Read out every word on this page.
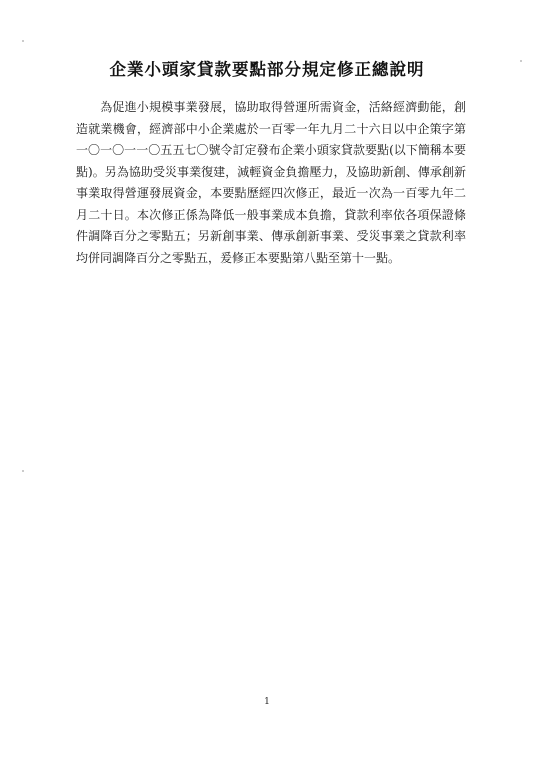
企業小頭家貸款要點部分規定修正總說明
為促進小規模事業發展，協助取得營運所需資金，活絡經濟動能，創造就業機會，經濟部中小企業處於一百零一年九月二十六日以中企策字第一〇一〇一一〇五五七〇號令訂定發布企業小頭家貸款要點(以下簡稱本要點)。另為協助受災事業復建，減輕資金負擔壓力，及協助新創、傳承創新事業取得營運發展資金，本要點歷經四次修正，最近一次為一百零九年二月二十日。本次修正係為降低一般事業成本負擔，貸款利率依各項保證條件調降百分之零點五；另新創事業、傳承創新事業、受災事業之貸款利率均併同調降百分之零點五，爰修正本要點第八點至第十一點。
1
